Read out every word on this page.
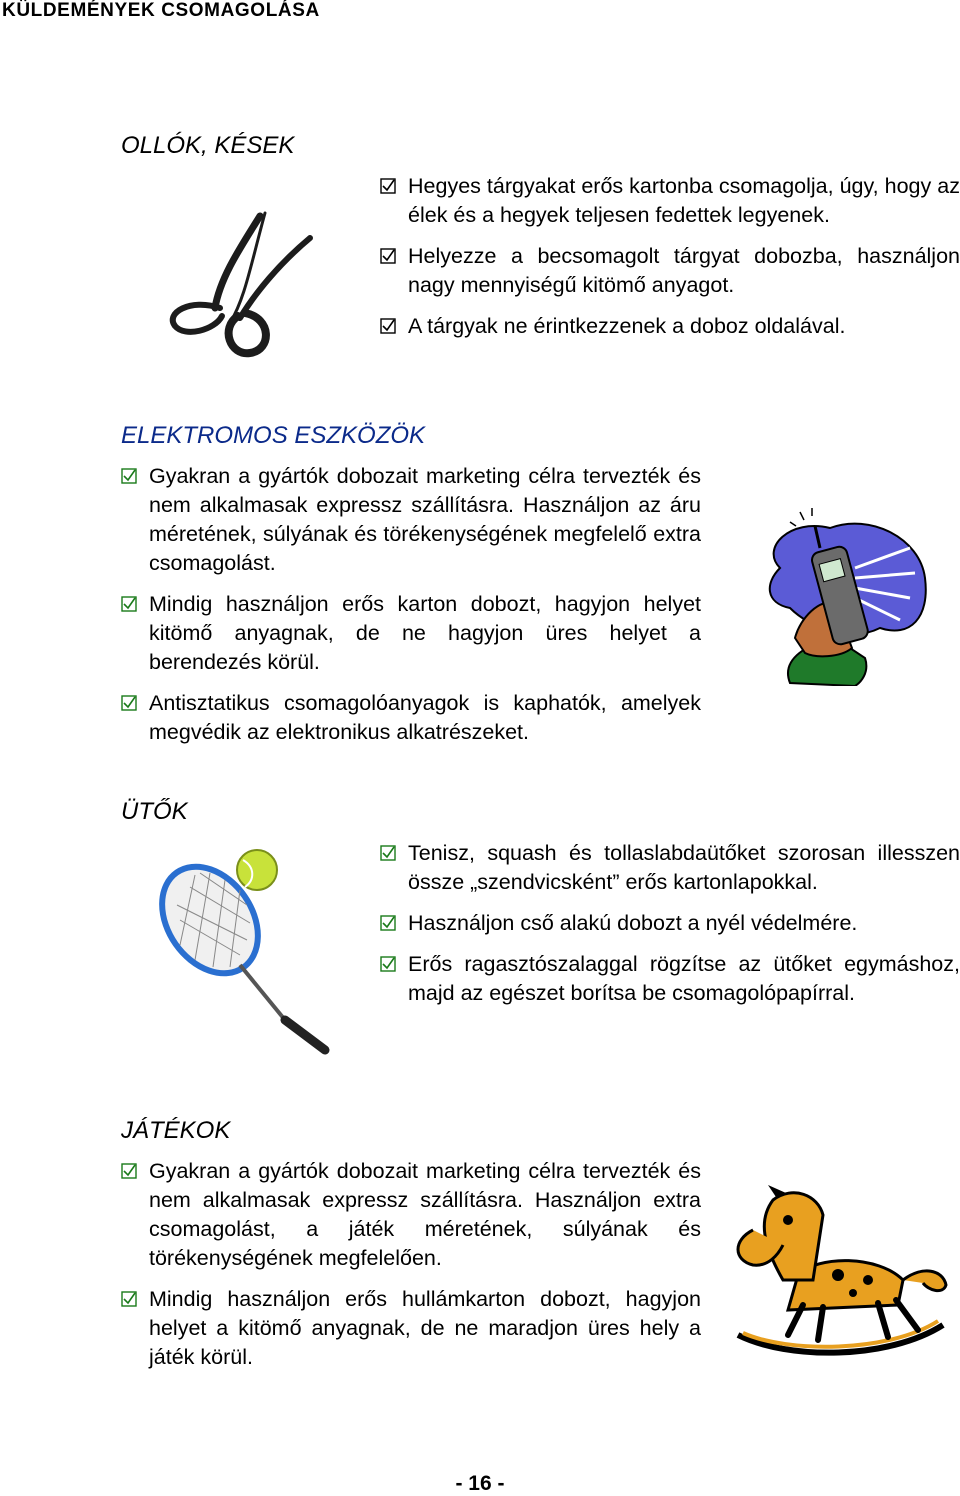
KÜLDEMÉNYEK CSOMAGOLÁSA
OLLÓK, KÉSEK
Hegyes tárgyakat erős kartonba csomagolja, úgy, hogy az élek és a hegyek teljesen fedettek legyenek.
Helyezze a becsomagolt tárgyat dobozba, használjon nagy mennyiségű kitömő anyagot.
A tárgyak ne érintkezzenek a doboz oldalával.
ELEKTROMOS ESZKÖZÖK
Gyakran a gyártók dobozait marketing célra tervezték és nem alkalmasak expressz szállításra. Használjon az áru méretének, súlyának és törékenységének megfelelő extra csomagolást.
Mindig használjon erős karton dobozt, hagyjon helyet kitömő anyagnak, de ne hagyjon üres helyet a berendezés körül.
Antisztatikus csomagolóanyagok is kaphatók, amelyek megvédik az elektronikus alkatrészeket.
ÜTŐK
Tenisz, squash és tollaslabdaütőket szorosan illesszen össze „szendvicsként” erős kartonlapokkal.
Használjon cső alakú dobozt a nyél védelmére.
Erős ragasztószalaggal rögzítse az ütőket egymáshoz, majd az egészet borítsa be csomagolópapírral.
JÁTÉKOK
Gyakran a gyártók dobozait marketing célra tervezték és nem alkalmasak expressz szállításra. Használjon extra csomagolást, a játék méretének, súlyának és törékenységének megfelelően.
Mindig használjon erős hullámkarton dobozt, hagyjon helyet a kitömő anyagnak, de ne maradjon üres hely a játék körül.
- 16 -
